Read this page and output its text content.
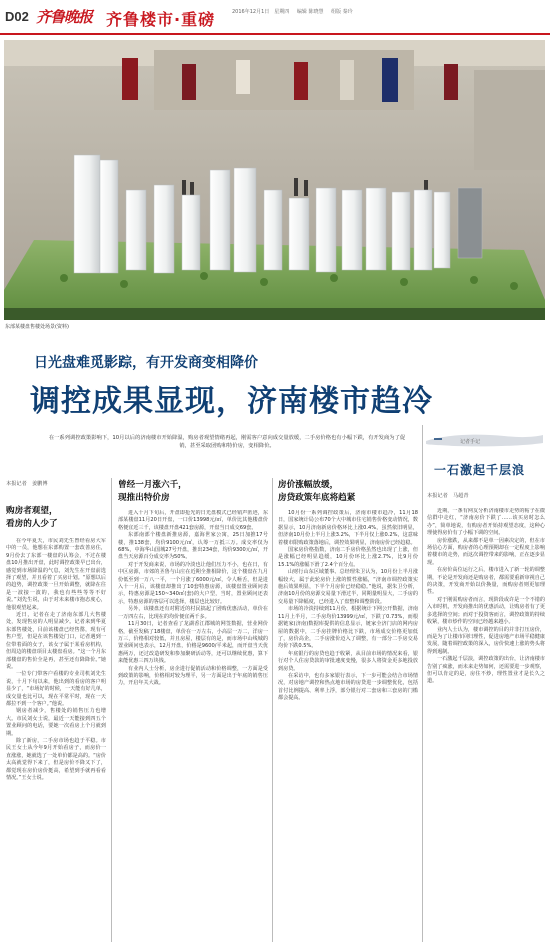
D02 齐鲁晚报 齐鲁楼市·重磅	2016年12月1日　星期四 编辑 陈晓慧 组版 秦玲
东部某楼盘售楼处场景(资料)
日光盘难觅影踪，有开发商变相降价
调控成果显现，济南楼市趋冷
在一系列调控政策影响下，10月以后的济南楼市开始降温，购房者观望情绪再起，刚需客户意向成交量放缓，二手房价格也有小幅下跌，有开发商为了促销，甚至采取团购和特价房，变相降价。
本报记者　姜鹏博
购房者观望，
看房的人少了

在今年夏天，市民刘先生曾经看房大军中的一员，他想在东部购置一套改善房住，9月份去了东部一楼盘的认筹会，不过在楼盘10月推出开盘，此时调控政策早已出台，感觉到市场降温的气息，刘先生在开盘前选择了观望，并且看着了买房计划。“原想以后的趋势，调控政策一旦开始调整，就降在往是一波接一波的，我也有些些等等不好说。”刘先生说，由于对未来楼市抱态度心，他很观望起来。

近日，记者在走了济南东部几大售楼处，发现售房的人明显减少。记者来到华夏东部售楼处，目前该楼盘已经售罄，现有可售户型，但是在该售楼处门口，记者遇到一位带着面的女子，该女子属于某看房机构，但周边的楼盘项目太楼盘看房。“这一个月东部楼盘的售价全是再，甚至还有降降价。”她说。

一位专门带客户看楼的专业司机刘先生说，十月下旬以来，他出到的看房的客户明显少了，“市场好的时候，一天能有好几单，成交量也比可以，现在平常平时，现在一天都拉不到一个客户。”他说。

钢房者减少，售楼处的销售压力也增大。市民刘女士说，最近一天能接到四五个置业顾问的电话，要她一次看房上个月就到期。

除了新房，二手房市场也趋于平稳。市民王女士从今年9月开始看房子，而房价一直涨涨，她就选了一处单价都是高的。“房价太高就觉得下来了，但是房价不降又下了，都觉现在房价房价挺高，希望到手就再看看情况。”王女士说。

曾经一月涨六千，
现推出特价房

进入十月下旬后，开盘即抢光的日光盘模式已经销声匿迹，东部某楼盘11月20日开盘，一口价13998元/㎡，单价比其他楼盘价格便宜近三千，该楼盘开盘421套房源，开盘当日成交69套。

东部南部个楼盘新推房源，嘉海世家公寓，25日加推17号楼，推138套，均价9100元/㎡，认筹一万抵三万。成交率仅为68%，中海华山国城27号开盘，推出234套，均价9300元/㎡，开盘当天房源百分成交率为50%。

对于开发商来说，市场的冷淡也让他们压力不小，也在日，有中区房源，市郊的圣鲁与山庄在近期全推相降价，这个楼盘在九月份低至到一万八一平，一个月涨了6000元/㎡，令人咂舌，但是进入十一月后，该楼盘却推出了10套特惠房源，该楼盘置业顾问表示，特惠房源是150~340㎡(套)的大户型，当时，置业顾问还表示，特惠房源的客层可以选择，楼层也比较好。

另外，该楼盘还有对附近的村民搞起了团购优惠活动，单价在一万四左右，比现在的均价便宜两千多。

11月30日，记者查看了龙湖香江郡城的网签数据，营业网价格，截至发稿了18楼盘，单价在一万左右，小高层一万二，洋房一万三，价格相对较低，并且房屋，楼层有的是，而市场中山线城的置业顾问也表示，12月开盘，价格是9600/平米起，而开盘当天优惠两万，还过改造研发和参加聚研活动等，还可以继续优惠，算下来能优惠三四万块钱。

有业内人士分析，房企进行促销活动和价格调整，一方面是受到政策的影响，价格相对较为理平，另一方面是出于年底的销售压力，开启年关大战。

房价涨幅放缓，
房贷政策年底将趋紧

10月份一系列调控政策后，济南市楼市趋冷，11月18日，国家统计局公布70个大中城市住宅销售价格变动情况，数据显示，10月济南新房价格环比上涨0.4%，虽然依旧明显，但济南10月份上半月上涨3.2%，下半月仅上涨0.2%，这意味着楼市限购政策落地后，调控效果明显，济南房价已经趋稳。

国家房价格指数，济南二手房价格虽然也出现了上涨，但是涨幅已经明显趋缓，10月份环比上涨2.7%，比9月份15.1%的涨幅下滑了2.4个百分点。

山财行山东区域董事、总经理朱卫认为，10月份上半月涨幅较大，属于此轮房价上涨的惯性涨幅，“济南市调控政策实施后效果明显，下半个月房价已经稳稳。”他说，据朱卫分析，济南10月份的房源交易量下滑过半，同期量明显大，二手房的交易量下降幅度，已经进入了盘整和调整阶段。

市场的冷淡持续到11月份，根据统计下网公开数据，济南11月上半月，二手房均价13999元/㎡，下跌了0.73%，而根据链家(济南)数据库提供的信息显示，链家全济门店的网内房屋的数据中，二手房挂牌价格比下跌，市场成交价格更加低了，房价高企，二手房涨价迈入了调整，有一部分二手房交易均价下跌0.5%。

年底银行的房贷也趋于收紧，从目前市场的情况来看，银行对个人住房贷款的审批速度变慢，很多人将资金更多地投放到房贷。

在采访中，也有多家银行表示，下一步可能会结合市场情况，对房地产调控和热点地市场的房贷进一步调整优化，包括首付比例提高、利率上浮，部分银行对二套房和三套房的门槛都会提高。

记者手记
一石激起千层浪
本报记者　马超青

近期，一条有网友分析济南楼市走势的帖子在微信群中走红，“济南房价下跌了……该买房时怎么办”，简单地说，有购房者开始持观望态度，这种心理使得房价有了小幅下调的空间。

房价涨跌，从来都不是单一因素决定的，但在市场信心方面，购房者的心理预期却在一定程度上影响着楼市的走势，而这次调控带来的影响，正在逐步显现。

在房价高位运行之后，楼市进入了新一轮的调整期，不论是开发商还是购房者，都需要重新审视自己的决策，开发商开始以价换量，而购房者则更加理性。

对于刚需购房者而言，现阶段或许是一个不错的入市时机，开发商推出的优惠活动，让购房者有了更多选择的空间；而对于投资客而言，调控政策的持续收紧，楼市炒作的空间已经越来越小。

业内人士认为，楼市调控的目的并非打压房价，而是为了让楼市回归理性，促进房地产市场平稳健康发展，随着调控政策的深入，房价快速上涨的势头将得到遏制。

一石激起千层浪，调控政策的出台，让济南楼市告别了疯涨，而未来走势如何，还需要进一步观察，但可以肯定的是，房住不炒，理性置业才是长久之道。
